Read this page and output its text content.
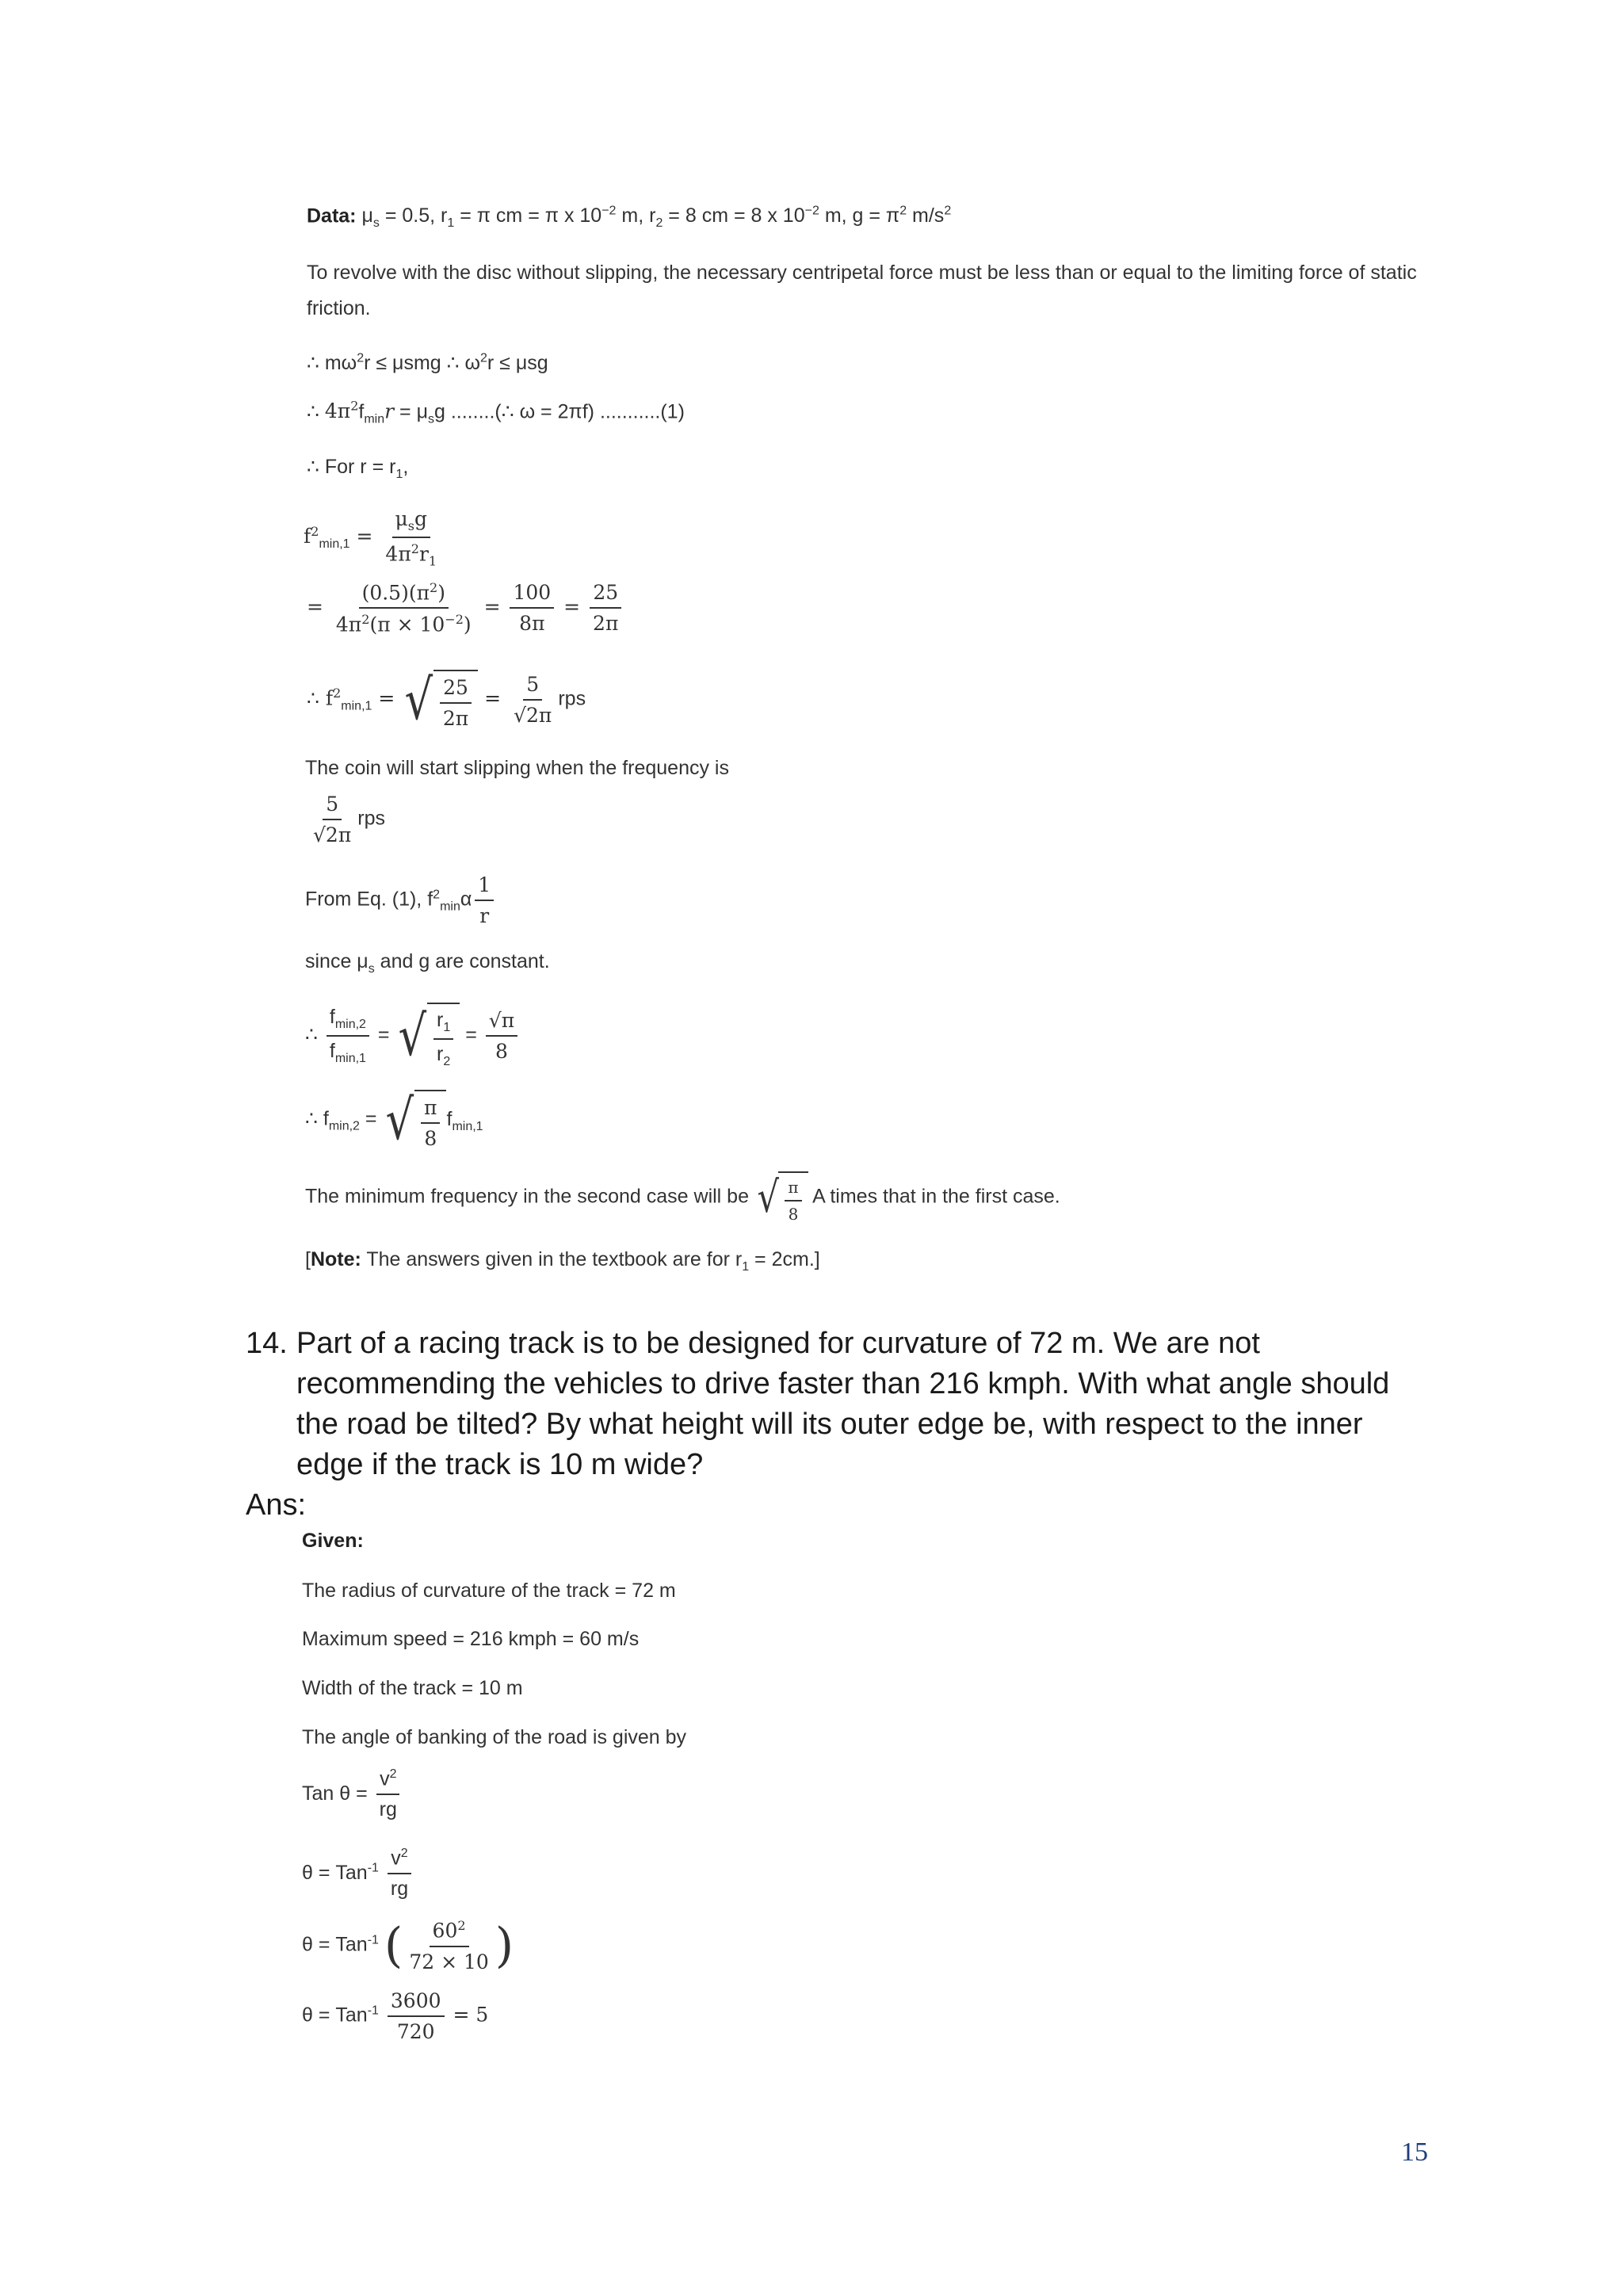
Data: $\mu_s = 0.5$, $r_1 = \pi$ cm = π x $10^{-2}$ m, $r_2 = 8$ cm = 8 x $10^{-2}$ m, $g = \pi^2$ $m/s^2$
To revolve with the disc without slipping, the necessary centripetal force must be less than or equal to the limiting force of static
friction.
∴ $m\omega^2r \le \mu smg$ ∴ $\omega^2r \le \mu sg$
∴ $4\pi^2f_{min}r = \mu_sg$ ........(∴ ω = 2πf) ...........(1)
∴ For $r = r_1$,
$f^2_{min,1} = \frac{\mu_sg}{4\pi^2r_1}$
= $\frac{(0.5)(\pi^2)}{4\pi^2(\pi \times 10^{-2})} = \frac{100}{8\pi} = \frac{25}{2\pi}$
∴ $f^2_{min,1}$ = √ $\frac{25}{2\pi} = \frac{5}{√2\pi}$ rps
The coin will start slipping when the frequency is
$\frac{5}{√2\pi}$ rps
From Eq. (1), $f^2_{min}\alpha \frac{1}{r}$
since $\mu_s$ and g are constant.
∴ $\frac{f_{min,2}}{f_{min,1}}$ = √ $\frac{r_1}{r_2} = \frac{√\pi}{8}$
∴ $f_{min,2}$ = √ $\frac{\pi}{8} f_{min,1}$
The minimum frequency in the second case will be √ $\frac{\pi}{8}$ A times that in the first case.
[Note: The answers given in the textbook are for $r_1 = 2cm$.]
14. Part of a racing track is to be designed for curvature of 72 m. We are not recommending the vehicles to drive faster than 216 kmph. With what angle should the road be tilted? By what height will its outer edge be, with respect to the inner edge if the track is 10 m wide?
Ans:
Given:
The radius of curvature of the track = 72 m
Maximum speed = 216 kmph = 60 m/s
Width of the track = 10 m
The angle of banking of the road is given by
Tan $\theta = \frac{v^2}{rg}$
$\theta = Tan^{-1} \frac{v^2}{rg}$
θ = Tan$^{-1}$ ( $\frac{60^2}{72 \times 10}$ )
$\theta = Tan^{-1} \frac{3600}{720} = 5$
15
